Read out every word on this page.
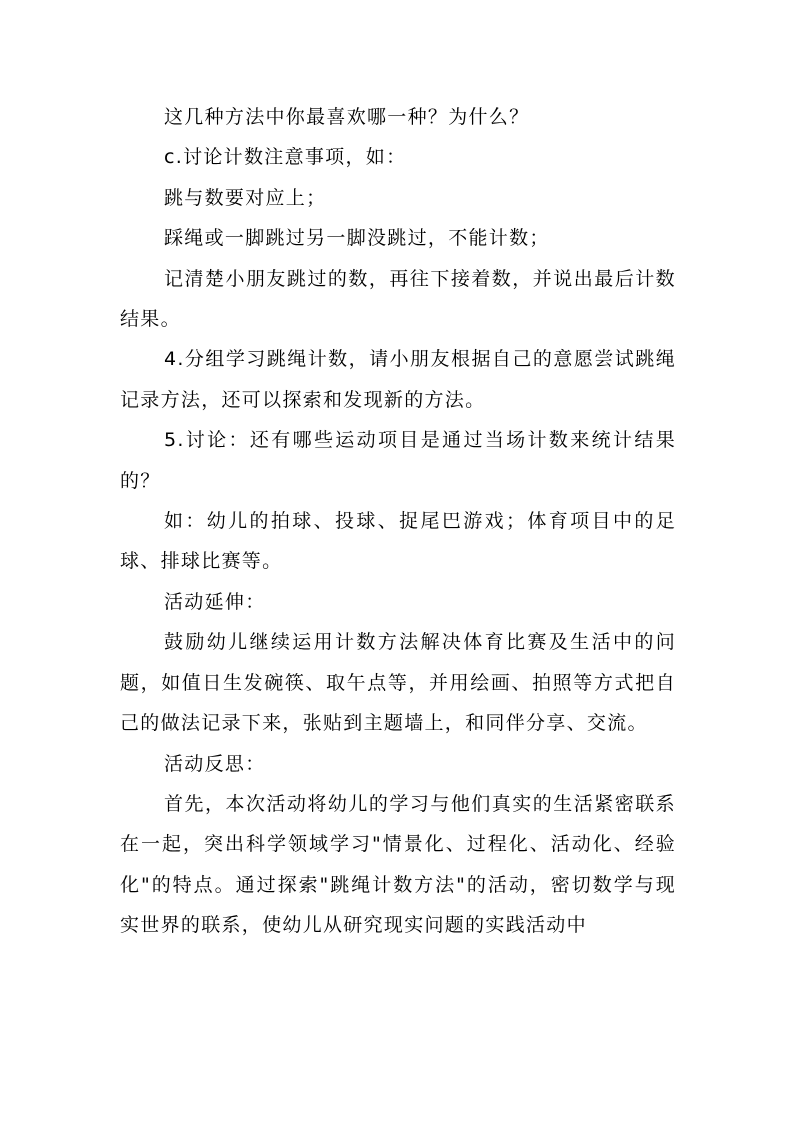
这几种方法中你最喜欢哪一种？为什么？

c.讨论计数注意事项，如：

跳与数要对应上；

踩绳或一脚跳过另一脚没跳过，不能计数；

记清楚小朋友跳过的数，再往下接着数，并说出最后计数结果。

4.分组学习跳绳计数，请小朋友根据自己的意愿尝试跳绳记录方法，还可以探索和发现新的方法。

5.讨论：还有哪些运动项目是通过当场计数来统计结果的？

如：幼儿的拍球、投球、捉尾巴游戏；体育项目中的足球、排球比赛等。

活动延伸：

鼓励幼儿继续运用计数方法解决体育比赛及生活中的问题，如值日生发碗筷、取午点等，并用绘画、拍照等方式把自己的做法记录下来，张贴到主题墙上，和同伴分享、交流。

活动反思：

首先，本次活动将幼儿的学习与他们真实的生活紧密联系在一起，突出科学领域学习"情景化、过程化、活动化、经验化"的特点。通过探索"跳绳计数方法"的活动，密切数学与现实世界的联系，使幼儿从研究现实问题的实践活动中
